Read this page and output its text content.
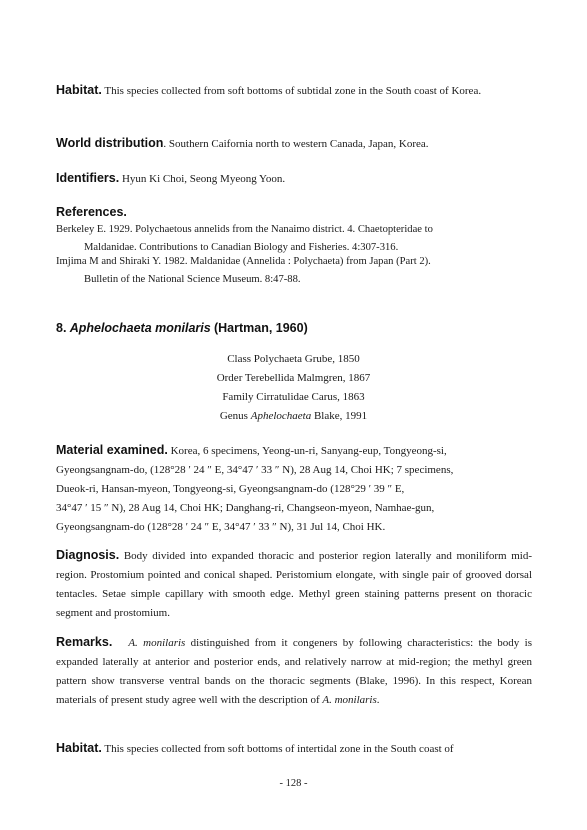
Habitat. This species collected from soft bottoms of subtidal zone in the South coast of Korea.
World distribution. Southern Caifornia north to western Canada, Japan, Korea.
Identifiers. Hyun Ki Choi, Seong Myeong Yoon.
References.
Berkeley E. 1929. Polychaetous annelids from the Nanaimo district. 4. Chaetopteridae to
Maldanidae. Contributions to Canadian Biology and Fisheries. 4:307-316.
Imjima M and Shiraki Y. 1982. Maldanidae (Annelida : Polychaeta) from Japan (Part 2).
Bulletin of the National Science Museum. 8:47-88.
8. Aphelochaeta monilaris (Hartman, 1960)
Class Polychaeta Grube, 1850
Order Terebellida Malmgren, 1867
Family Cirratulidae Carus, 1863
Genus Aphelochaeta Blake, 1991
Material examined. Korea, 6 specimens, Yeong-un-ri, Sanyang-eup, Tongyeong-si,
Gyeongsangnam-do, (128°28 ′ 24 ″ E, 34°47 ′ 33 ″ N), 28 Aug 14, Choi HK; 7 specimens,
Dueok-ri, Hansan-myeon, Tongyeong-si, Gyeongsangnam-do (128°29 ′ 39 ″ E,
34°47 ′ 15 ″ N), 28 Aug 14, Choi HK; Danghang-ri, Changseon-myeon, Namhae-gun,
Gyeongsangnam-do (128°28 ′ 24 ″ E, 34°47 ′ 33 ″ N), 31 Jul 14, Choi HK.
Diagnosis. Body divided into expanded thoracic and posterior region laterally and moniliform mid-region. Prostomium pointed and conical shaped. Peristomium elongate, with single pair of grooved dorsal tentacles. Setae simple capillary with smooth edge. Methyl green staining patterns present on thoracic segment and prostomium.
Remarks. A. monilaris distinguished from it congeners by following characteristics: the body is expanded laterally at anterior and posterior ends, and relatively narrow at mid-region; the methyl green pattern show transverse ventral bands on the thoracic segments (Blake, 1996). In this respect, Korean materials of present study agree well with the description of A. monilaris.
Habitat. This species collected from soft bottoms of intertidal zone in the South coast of
- 128 -
